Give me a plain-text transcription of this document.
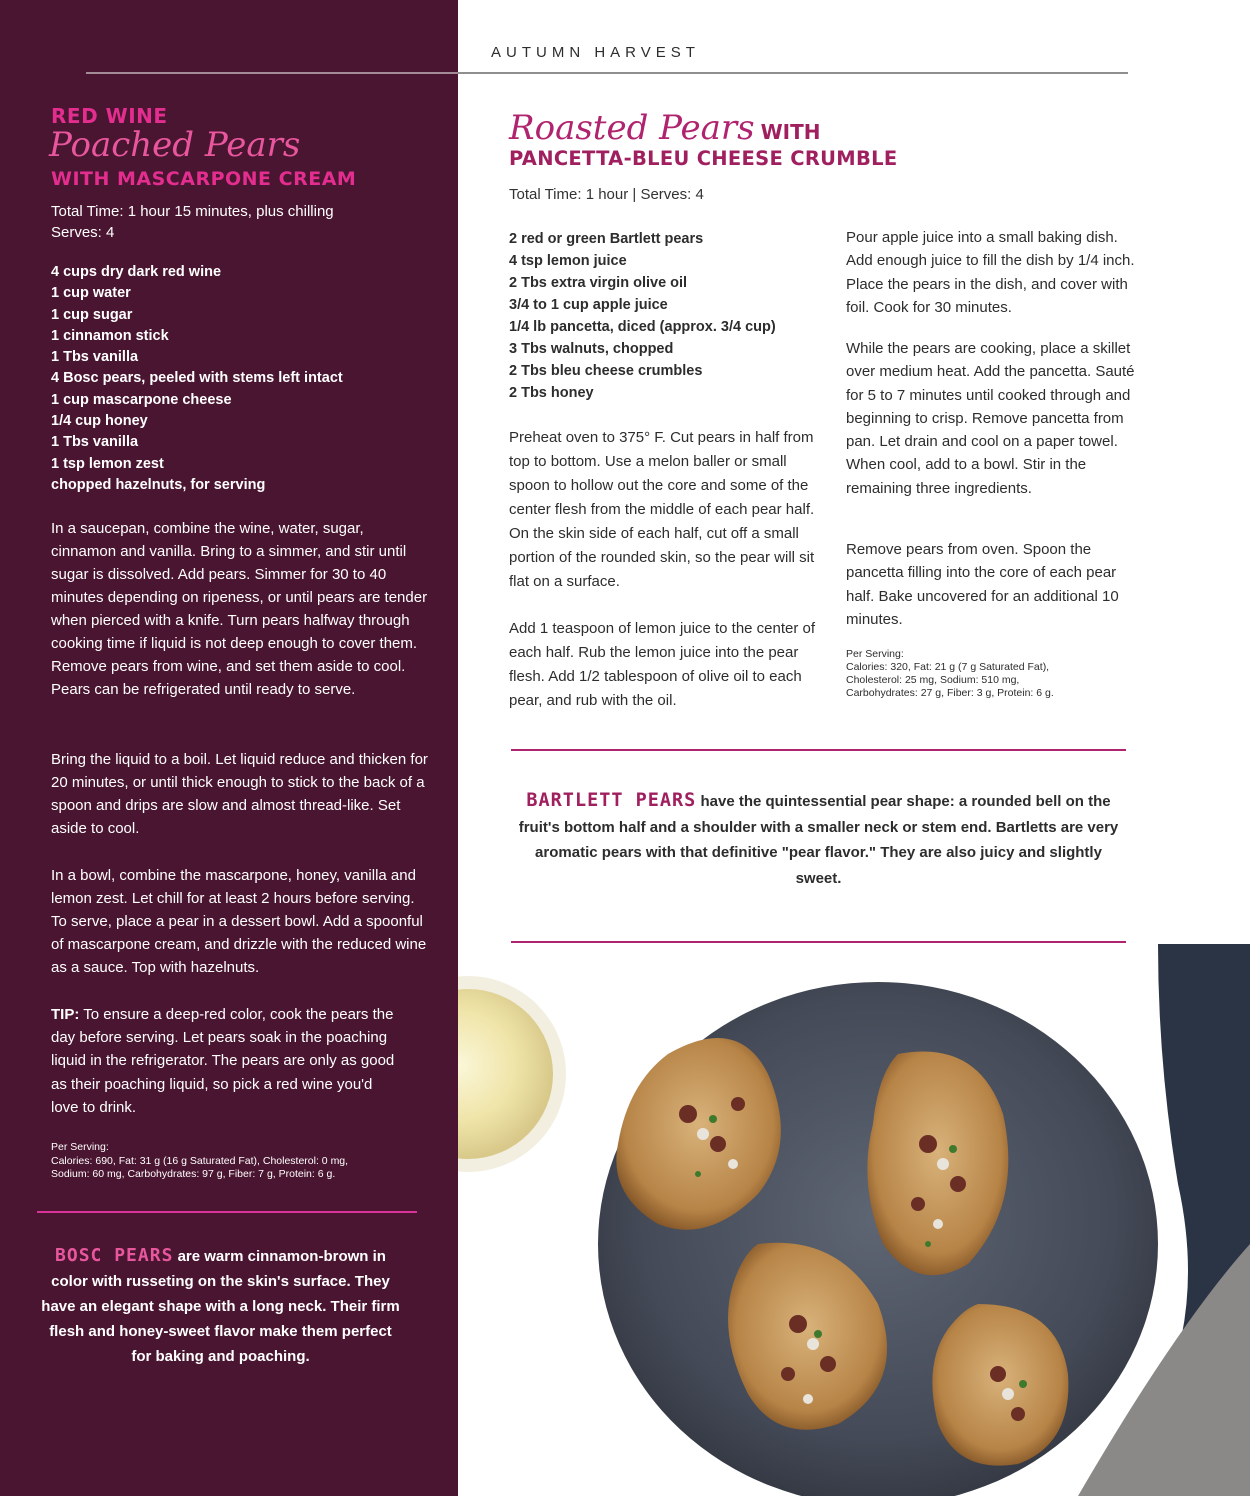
RED WINE
Poached Pears
WITH MASCARPONE CREAM
Total Time: 1 hour 15 minutes, plus chilling
Serves: 4
4 cups dry dark red wine
1 cup water
1 cup sugar
1 cinnamon stick
1 Tbs vanilla
4 Bosc pears, peeled with stems left intact
1 cup mascarpone cheese
1/4 cup honey
1 Tbs vanilla
1 tsp lemon zest
chopped hazelnuts, for serving

In a saucepan, combine the wine, water, sugar, cinnamon and vanilla. Bring to a simmer, and stir until sugar is dissolved. Add pears. Simmer for 30 to 40 minutes depending on ripeness, or until pears are tender when pierced with a knife. Turn pears halfway through cooking time if liquid is not deep enough to cover them. Remove pears from wine, and set them aside to cool. Pears can be refrigerated until ready to serve.

Bring the liquid to a boil. Let liquid reduce and thicken for 20 minutes, or until thick enough to stick to the back of a spoon and drips are slow and almost thread-like. Set aside to cool.

In a bowl, combine the mascarpone, honey, vanilla and lemon zest. Let chill for at least 2 hours before serving. To serve, place a pear in a dessert bowl. Add a spoonful of mascarpone cream, and drizzle with the reduced wine as a sauce. Top with hazelnuts.

TIP: To ensure a deep-red color, cook the pears the day before serving. Let pears soak in the poaching liquid in the refrigerator. The pears are only as good as their poaching liquid, so pick a red wine you'd love to drink.

Per Serving:
Calories: 690, Fat: 31 g (16 g Saturated Fat), Cholesterol: 0 mg,
Sodium: 60 mg, Carbohydrates: 97 g, Fiber: 7 g, Protein: 6 g.

BOSC PEARS are warm cinnamon-brown in color with russeting on the skin's surface. They have an elegant shape with a long neck. Their firm flesh and honey-sweet flavor make them perfect for baking and poaching.

AUTUMN HARVEST
Roasted Pears WITH
PANCETTA-BLEU CHEESE CRUMBLE
Total Time: 1 hour | Serves: 4
2 red or green Bartlett pears
4 tsp lemon juice
2 Tbs extra virgin olive oil
3/4 to 1 cup apple juice
1/4 lb pancetta, diced (approx. 3/4 cup)
3 Tbs walnuts, chopped
2 Tbs bleu cheese crumbles
2 Tbs honey

Preheat oven to 375° F. Cut pears in half from top to bottom. Use a melon baller or small spoon to hollow out the core and some of the center flesh from the middle of each pear half. On the skin side of each half, cut off a small portion of the rounded skin, so the pear will sit flat on a surface.

Add 1 teaspoon of lemon juice to the center of each half. Rub the lemon juice into the pear flesh. Add 1/2 tablespoon of olive oil to each pear, and rub with the oil.

Pour apple juice into a small baking dish. Add enough juice to fill the dish by 1/4 inch. Place the pears in the dish, and cover with foil. Cook for 30 minutes.

While the pears are cooking, place a skillet over medium heat. Add the pancetta. Sauté for 5 to 7 minutes until cooked through and beginning to crisp. Remove pancetta from pan. Let drain and cool on a paper towel. When cool, add to a bowl. Stir in the remaining three ingredients.

Remove pears from oven. Spoon the pancetta filling into the core of each pear half. Bake uncovered for an additional 10 minutes.

Per Serving:
Calories: 320, Fat: 21 g (7 g Saturated Fat),
Cholesterol: 25 mg, Sodium: 510 mg,
Carbohydrates: 27 g, Fiber: 3 g, Protein: 6 g.

BARTLETT PEARS have the quintessential pear shape: a rounded bell on the fruit's bottom half and a shoulder with a smaller neck or stem end. Bartletts are very aromatic pears with that definitive "pear flavor." They are also juicy and slightly sweet.
